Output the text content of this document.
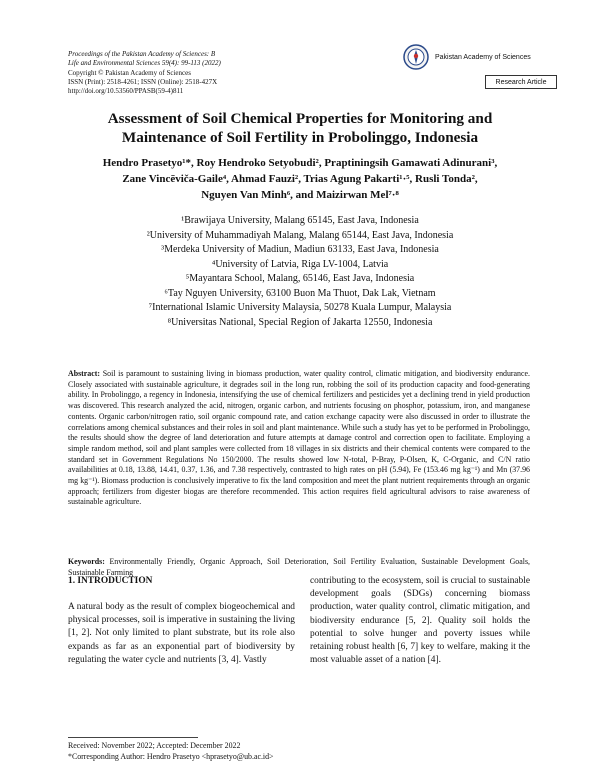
Proceedings of the Pakistan Academy of Sciences: B
Life and Environmental Sciences 59(4): 99-113 (2022)
Copyright © Pakistan Academy of Sciences
ISSN (Print): 2518-4261; ISSN (Online): 2518-427X
http://doi.org/10.53560/PPASB(59-4)811
Pakistan Academy of Sciences
Research Article
Assessment of Soil Chemical Properties for Monitoring and
Maintenance of Soil Fertility in Probolinggo, Indonesia
Hendro Prasetyo¹*, Roy Hendroko Setyobudi², Praptiningsih Gamawati Adinurani³,
Zane Vincēviča-Gaile⁴, Ahmad Fauzi², Trias Agung Pakarti¹·⁵, Rusli Tonda²,
Nguyen Van Minh⁶, and Maizirwan Mel⁷·⁸
¹Brawijaya University, Malang 65145, East Java, Indonesia
²University of Muhammadiyah Malang, Malang 65144, East Java, Indonesia
³Merdeka University of Madiun, Madiun 63133, East Java, Indonesia
⁴University of Latvia, Riga LV-1004, Latvia
⁵Mayantara School, Malang, 65146, East Java, Indonesia
⁶Tay Nguyen University, 63100 Buon Ma Thuot, Dak Lak, Vietnam
⁷International Islamic University Malaysia, 50278 Kuala Lumpur, Malaysia
⁸Universitas National, Special Region of Jakarta 12550, Indonesia
Abstract: Soil is paramount to sustaining living in biomass production, water quality control, climatic mitigation, and biodiversity endurance. Closely associated with sustainable agriculture, it degrades soil in the long run, robbing the soil of its production capacity and food-generating ability. In Probolinggo, a regency in Indonesia, intensifying the use of chemical fertilizers and pesticides yet a declining trend in yield production was discovered. This research analyzed the acid, nitrogen, organic carbon, and nutrients focusing on phosphor, potassium, iron, and manganese contents. Organic carbon/nitrogen ratio, soil organic compound rate, and cation exchange capacity were also discussed in order to illustrate the correlations among chemical substances and their roles in soil and plant maintenance. While such a study has yet to be performed in Probolinggo, the results should show the degree of land deterioration and future attempts at damage control and correction open to facilitate. Employing a simple random method, soil and plant samples were collected from 18 villages in six districts and their chemical contents were compared to the standard set in Government Regulations No 150/2000. The results showed low N-total, P-Bray, P-Olsen, K, C-Organic, and C/N ratio availabilities at 0.18, 13.88, 14.41, 0.37, 1.36, and 7.38 respectively, contrasted to high rates on pH (5.94), Fe (153.46 mg kg⁻¹) and Mn (37.96 mg kg⁻¹). Biomass production is conclusively imperative to fix the land composition and meet the plant nutrient requirements through an organic approach; fertilizers from digester biogas are therefore recommended. This action requires field agricultural advisors to raise awareness of sustainable agriculture.
Keywords: Environmentally Friendly, Organic Approach, Soil Deterioration, Soil Fertility Evaluation, Sustainable Development Goals, Sustainable Farming
1. INTRODUCTION
A natural body as the result of complex biogeochemical and physical processes, soil is imperative in sustaining the living [1, 2]. Not only limited to plant substrate, but its role also expands as far as an exponential part of biodiversity by regulating the water cycle and nutrients [3, 4]. Vastly
contributing to the ecosystem, soil is crucial to sustainable development goals (SDGs) concerning biomass production, water quality control, climatic mitigation, and biodiversity endurance [5, 2]. Quality soil holds the potential to solve hunger and poverty issues while retaining robust health [6, 7] key to welfare, making it the most valuable asset of a nation [4].
Received: November 2022; Accepted: December 2022
*Corresponding Author: Hendro Prasetyo <hprasetyo@ub.ac.id>
